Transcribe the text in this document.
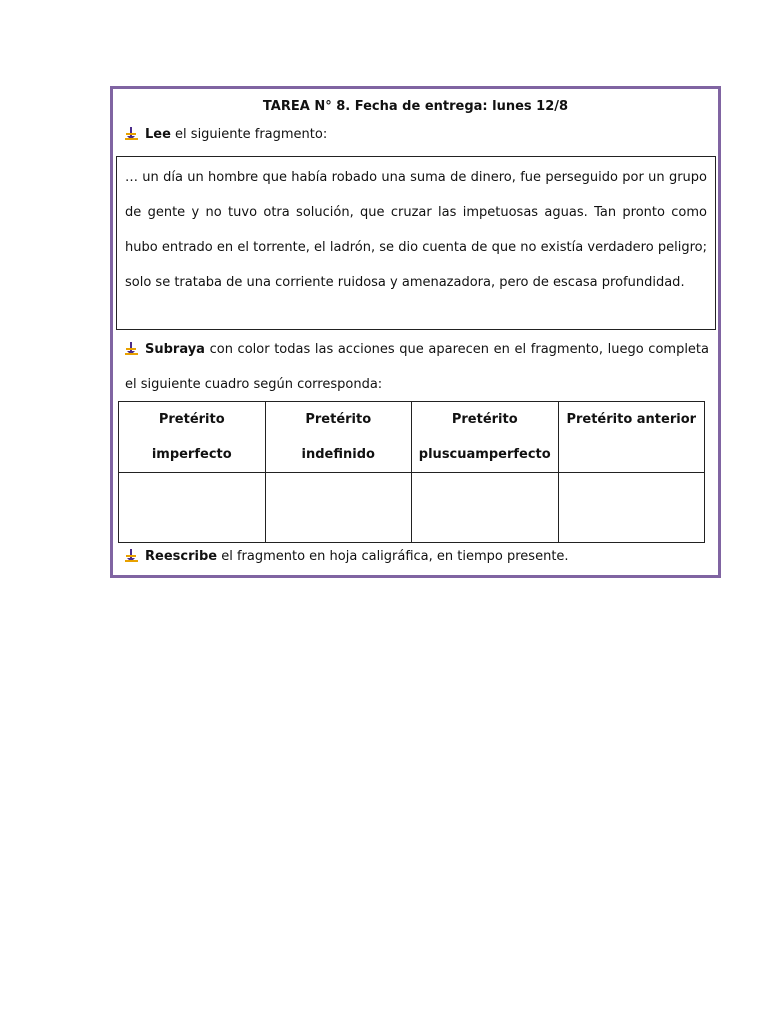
TAREA N° 8. Fecha de entrega: lunes 12/8
Lee el siguiente fragmento:
… un día un hombre que había robado una suma de dinero, fue perseguido por un grupo de gente y no tuvo otra solución, que cruzar las impetuosas aguas. Tan pronto como hubo entrado en el torrente, el ladrón, se dio cuenta de que no existía verdadero peligro; solo se trataba de una corriente ruidosa y amenazadora, pero de escasa profundidad.
Subraya con color todas las acciones que aparecen en el fragmento, luego completa el siguiente cuadro según corresponda:
Pretérito imperfecto	Pretérito indefinido	Pretérito pluscuamperfecto	Pretérito anterior

Reescribe el fragmento en hoja caligráfica, en tiempo presente.
